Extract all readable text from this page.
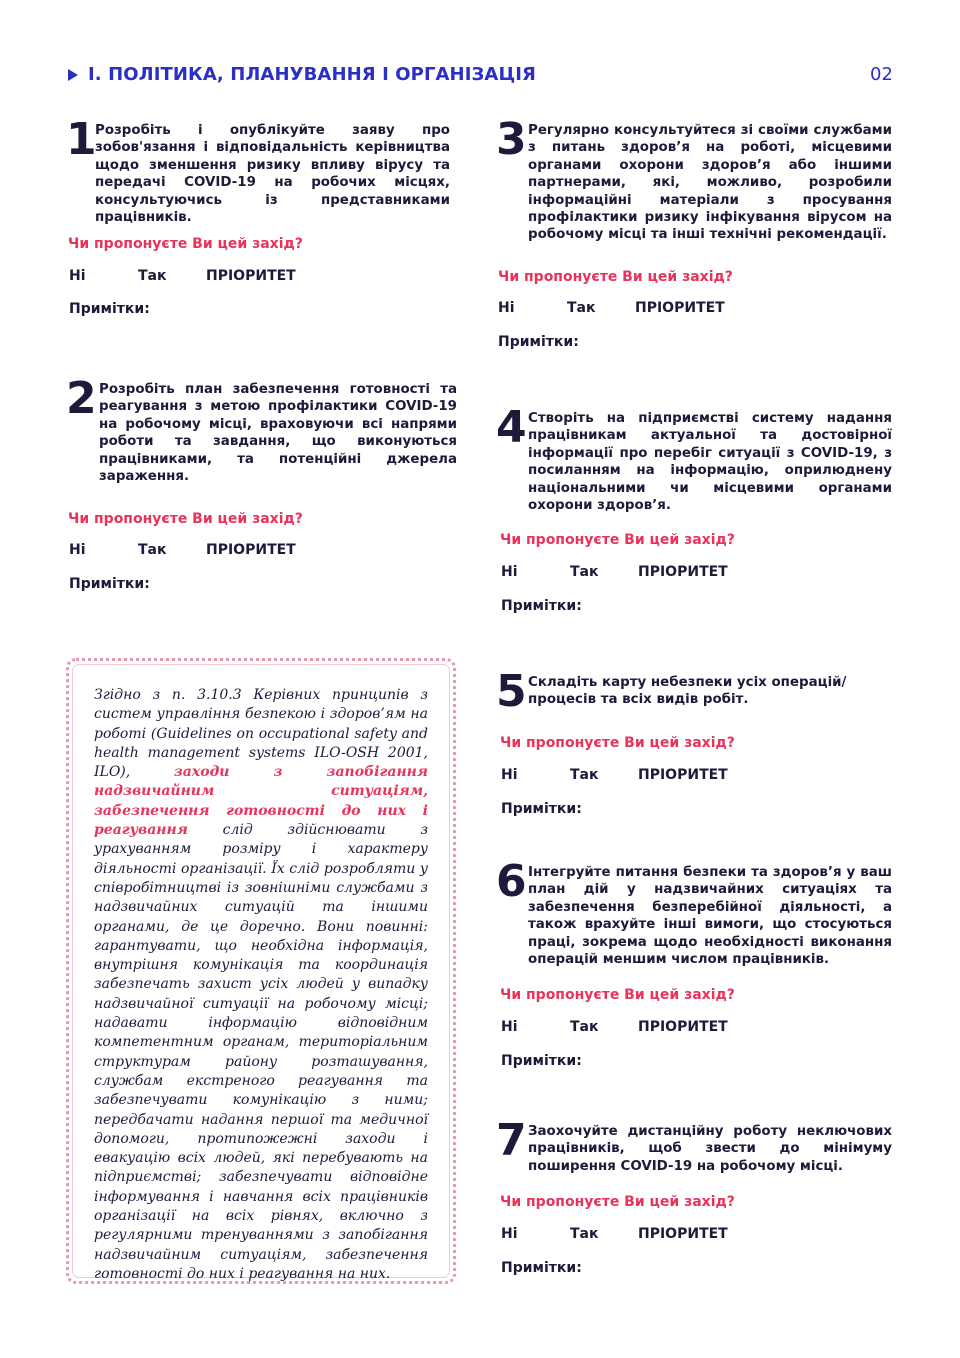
I. ПОЛІТИКА, ПЛАНУВАННЯ І ОРГАНІЗАЦІЯ	02
1

Розробіть і опублікуйте заяву про зобов'язання і відповідальність керівництва щодо зменшення ризику впливу вірусу та передачі COVID-19 на робочих місцях, консультуючись із представниками працівників.

Чи пропонуєте Ви цей захід?
Ні	Так	ПРІОРИТЕТ
Примітки:
2 Розробіть план забезпечення готовності та реагування з метою профілактики COVID-19 на робочому місці, враховуючи всі напрями роботи та завдання, що виконуються працівниками, та потенційні джерела зараження.

Чи пропонуєте Ви цей захід?
Ні	Так	ПРІОРИТЕТ
Примітки:

Згідно з п. 3.10.3 Керівних принципів з систем управління безпекою і здоров’ям на роботі (Guidelines on occupational safety and health management systems ILO-OSH 2001, ILO), заходи з запобігання надзвичайним ситуаціям, забезпечення готовності до них і реагування слід здійснювати з урахуванням розміру і характеру діяльності організації. Їх слід розробляти у співробітництві із зовнішніми службами з надзвичайних ситуацій та іншими органами, де це доречно. Вони повинні: гарантувати, що необхідна інформація, внутрішня комунікація та координація забезпечать захист усіх людей у випадку надзвичайної ситуації на робочому місці; надавати інформацію відповідним компетентним органам, територіальним структурам району розташування, службам екстреного реагування та забезпечувати комунікацію з ними; передбачати надання першої та медичної допомоги, протипожежні заходи і евакуацію всіх людей, які перебувають на підприємстві; забезпечувати відповідне інформування і навчання всіх працівників організації на всіх рівнях, включно з регулярними тренуваннями з запобігання надзвичайним ситуаціям, забезпечення готовності до них і реагування на них.

3 Регулярно консультуйтеся зі своїми службами з питань здоров’я на роботі, місцевими органами охорони здоров’я або іншими партнерами, які, можливо, розробили інформаційні матеріали з просування профілактики ризику інфікування вірусом на робочому місці та інші технічні рекомендації.

Чи пропонуєте Ви цей захід?
Ні	Так	ПРІОРИТЕТ
Примітки:
4 Створіть на підприємстві систему надання працівникам актуальної та достовірної інформації про перебіг ситуації з COVID-19, з посиланням на інформацію, оприлюднену національними чи місцевими органами охорони здоров’я.

Чи пропонуєте Ви цей захід?
Ні	Так	ПРІОРИТЕТ
Примітки:
5 Складіть карту небезпеки усіх операцій/процесів та всіх видів робіт.

Чи пропонуєте Ви цей захід?
Ні	Так	ПРІОРИТЕТ
Примітки:
6 Інтегруйте питання безпеки та здоров’я у ваш план дій у надзвичайних ситуаціях та забезпечення безперебійної діяльності, а також врахуйте інші вимоги, що стосуються праці, зокрема щодо необхідності виконання операцій меншим числом працівників.

Чи пропонуєте Ви цей захід?
Ні	Так	ПРІОРИТЕТ
Примітки:
7 Заохочуйте дистанційну роботу неключових працівників, щоб звести до мінімуму поширення COVID-19 на робочому місці.

Чи пропонуєте Ви цей захід?
Ні	Так	ПРІОРИТЕТ
Примітки:
